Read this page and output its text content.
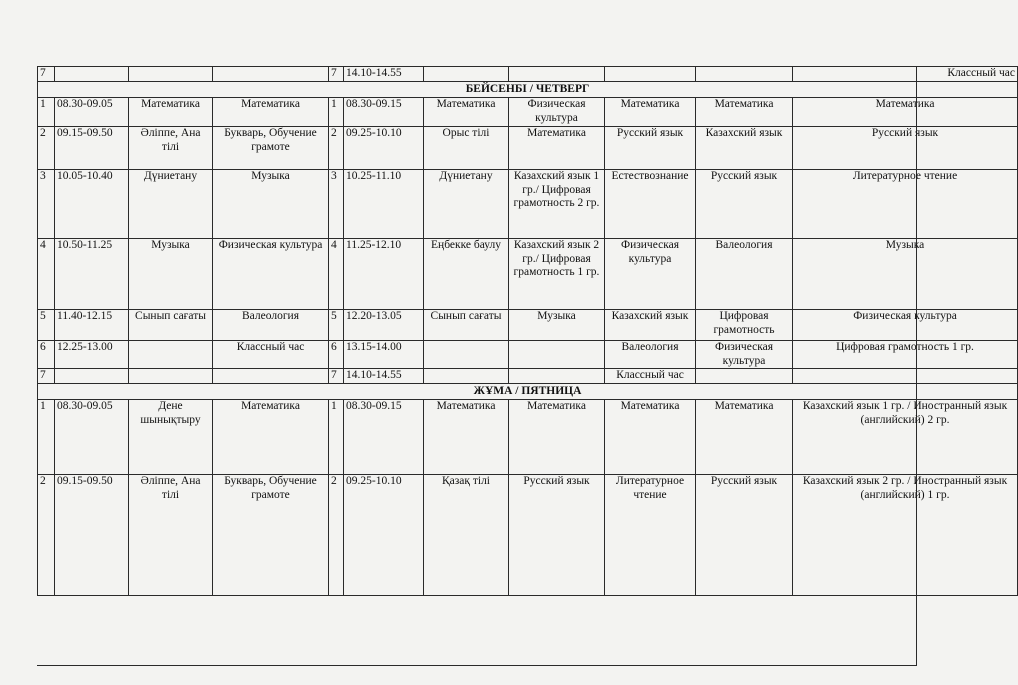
7				7	14.10-14.55					Классный час
БЕЙСЕНБІ / ЧЕТВЕРГ										
1	08.30-09.05	Математика	Математика	1	08.30-09.15	Математика	Физическая культура	Математика	Математика	Математика
2	09.15-09.50	Әліппе, Ана тілі	Букварь, Обучение грамоте	2	09.25-10.10	Орыс тілі	Математика	Русский язык	Казахский язык	Русский язык
3	10.05-10.40	Дүниетану	Музыка	3	10.25-11.10	Дүниетану	Казахский язык 1 гр./ Цифровая грамотность 2 гр.	Естествознание	Русский язык	Литературное чтение
4	10.50-11.25	Музыка	Физическая культура	4	11.25-12.10	Еңбекке баулу	Казахский язык 2 гр./ Цифровая грамотность 1 гр.	Физическая культура	Валеология	Музыка
5	11.40-12.15	Сынып сағаты	Валеология	5	12.20-13.05	Сынып сағаты	Музыка	Казахский язык	Цифровая грамотность	Физическая культура
6	12.25-13.00		Классный час	6	13.15-14.00			Валеология	Физическая культура	Цифровая грамотность 1 гр.
7				7	14.10-14.55			Классный час		
ЖҰМА / ПЯТНИЦА										
1	08.30-09.05	Дене шынықтыру	Математика	1	08.30-09.15	Математика	Математика	Математика	Математика	Казахский язык 1 гр. / Иностранный язык (английский) 2 гр.
2	09.15-09.50	Әліппе, Ана тілі	Букварь, Обучение грамоте	2	09.25-10.10	Қазақ тілі	Русский язык	Литературное чтение	Русский язык	Казахский язык 2 гр. / Иностранный язык (английский) 1 гр.
